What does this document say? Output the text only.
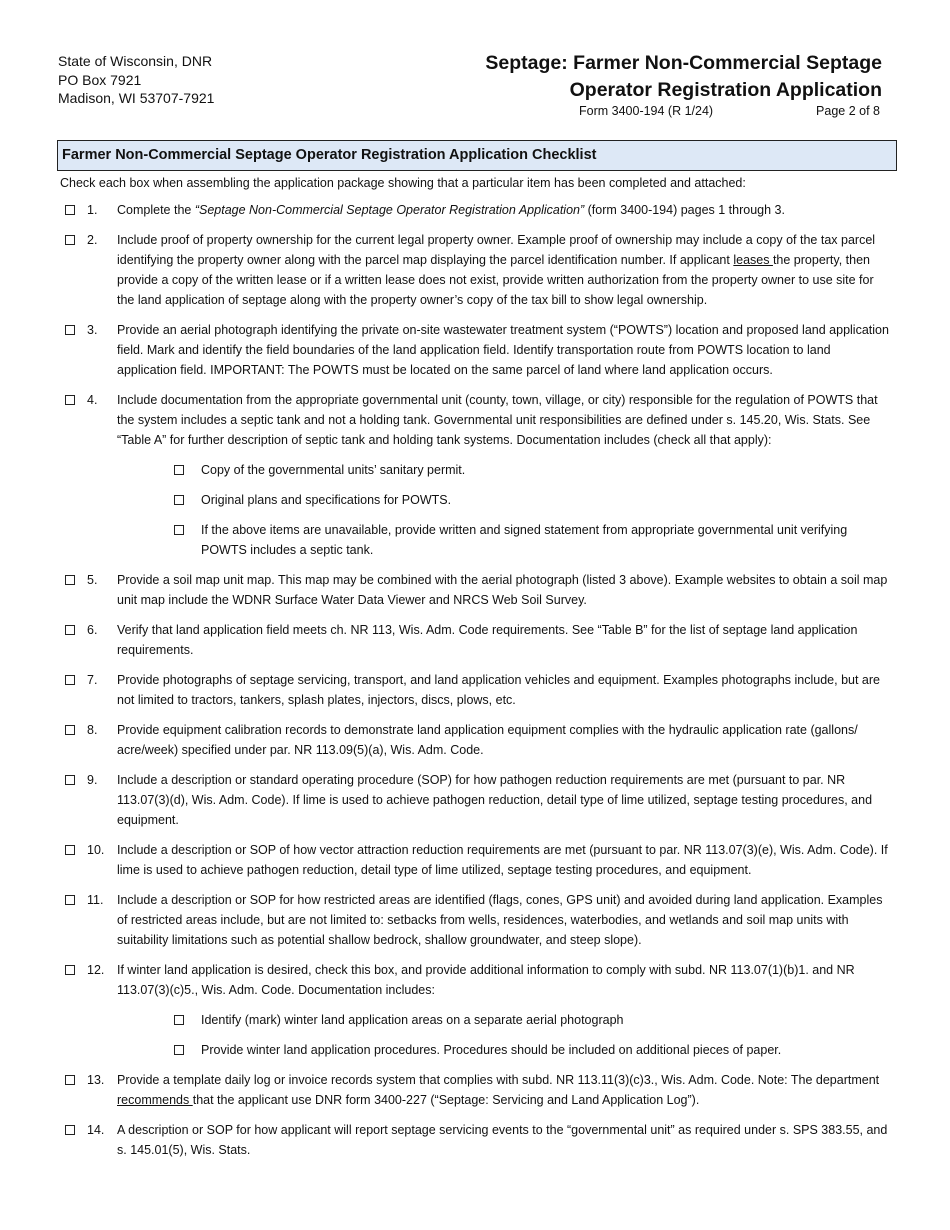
State of Wisconsin, DNR
PO Box 7921
Madison, WI 53707-7921
Septage: Farmer Non-Commercial Septage
Operator Registration Application
Form 3400-194 (R 1/24)	Page 2 of 8
Farmer Non-Commercial Septage Operator Registration Application Checklist
Check each box when assembling the application package showing that a particular item has been completed and attached:
1.	Complete the “Septage Non-Commercial Septage Operator Registration Application” (form 3400-194) pages 1 through 3.
2.	Include proof of property ownership for the current legal property owner. Example proof of ownership may include a copy of the tax parcel identifying the property owner along with the parcel map displaying the parcel identification number. If applicant leases the property, then provide a copy of the written lease or if a written lease does not exist, provide written authorization from the property owner to use site for the land application of septage along with the property owner’s copy of the tax bill to show legal ownership.
3.	Provide an aerial photograph identifying the private on-site wastewater treatment system (“POWTS”) location and proposed land application field. Mark and identify the field boundaries of the land application field. Identify transportation route from POWTS location to land application field. IMPORTANT: The POWTS must be located on the same parcel of land where land application occurs.
4.	Include documentation from the appropriate governmental unit (county, town, village, or city) responsible for the regulation of POWTS that the system includes a septic tank and not a holding tank. Governmental unit responsibilities are defined under s. 145.20, Wis. Stats. See “Table A” for further description of septic tank and holding tank systems. Documentation includes (check all that apply):
Copy of the governmental units’ sanitary permit.
Original plans and specifications for POWTS.
If the above items are unavailable, provide written and signed statement from appropriate governmental unit verifying POWTS includes a septic tank.
5.	Provide a soil map unit map. This map may be combined with the aerial photograph (listed 3 above). Example websites to obtain a soil map unit map include the WDNR Surface Water Data Viewer and NRCS Web Soil Survey.
6.	Verify that land application field meets ch. NR 113, Wis. Adm. Code requirements. See “Table B” for the list of septage land application requirements.
7.	Provide photographs of septage servicing, transport, and land application vehicles and equipment. Examples photographs include, but are not limited to tractors, tankers, splash plates, injectors, discs, plows, etc.
8.	Provide equipment calibration records to demonstrate land application equipment complies with the hydraulic application rate (gallons/ acre/week) specified under par. NR 113.09(5)(a), Wis. Adm. Code.
9.	Include a description or standard operating procedure (SOP) for how pathogen reduction requirements are met (pursuant to par. NR 113.07(3)(d), Wis. Adm. Code). If lime is used to achieve pathogen reduction, detail type of lime utilized, septage testing procedures, and equipment.
10.	Include a description or SOP of how vector attraction reduction requirements are met (pursuant to par. NR 113.07(3)(e), Wis. Adm. Code). If lime is used to achieve pathogen reduction, detail type of lime utilized, septage testing procedures, and equipment.
11.	Include a description or SOP for how restricted areas are identified (flags, cones, GPS unit) and avoided during land application. Examples of restricted areas include, but are not limited to: setbacks from wells, residences, waterbodies, and wetlands and soil map units with suitability limitations such as potential shallow bedrock, shallow groundwater, and steep slope).
12.	If winter land application is desired, check this box, and provide additional information to comply with subd. NR 113.07(1)(b)1. and NR 113.07(3)(c)5., Wis. Adm. Code. Documentation includes:
Identify (mark) winter land application areas on a separate aerial photograph
Provide winter land application procedures. Procedures should be included on additional pieces of paper.
13.	Provide a template daily log or invoice records system that complies with subd. NR 113.11(3)(c)3., Wis. Adm. Code. Note: The department recommends that the applicant use DNR form 3400-227 (“Septage: Servicing and Land Application Log”).
14.	A description or SOP for how applicant will report septage servicing events to the “governmental unit” as required under s. SPS 383.55, and s. 145.01(5), Wis. Stats.
